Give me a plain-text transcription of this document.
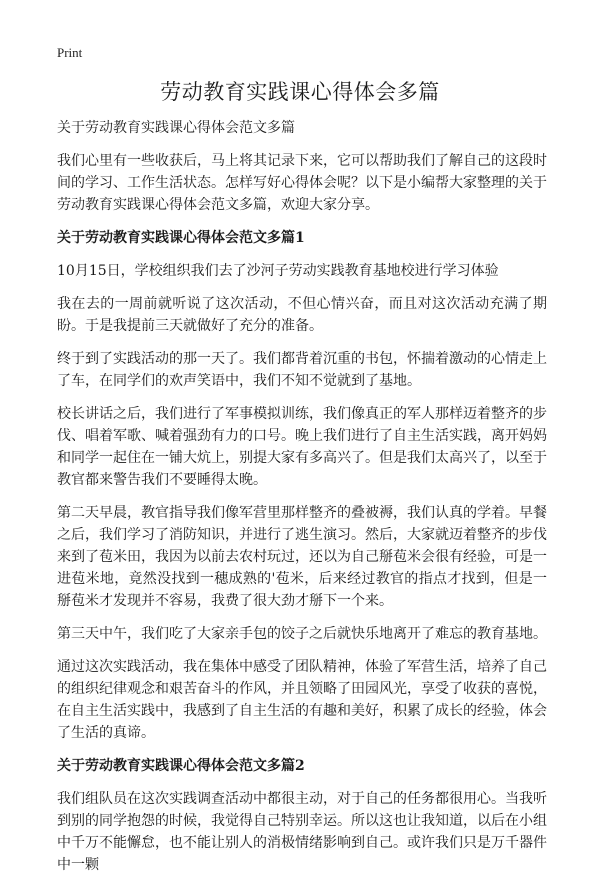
Print
劳动教育实践课心得体会多篇

关于劳动教育实践课心得体会范文多篇

我们心里有一些收获后，马上将其记录下来，它可以帮助我们了解自己的这段时间的学习、工作生活状态。怎样写好心得体会呢？以下是小编帮大家整理的关于劳动教育实践课心得体会范文多篇，欢迎大家分享。

关于劳动教育实践课心得体会范文多篇1

10月15日，学校组织我们去了沙河子劳动实践教育基地校进行学习体验

我在去的一周前就听说了这次活动，不但心情兴奋，而且对这次活动充满了期盼。于是我提前三天就做好了充分的准备。

终于到了实践活动的那一天了。我们都背着沉重的书包，怀揣着激动的心情走上了车，在同学们的欢声笑语中，我们不知不觉就到了基地。

校长讲话之后，我们进行了军事模拟训练，我们像真正的军人那样迈着整齐的步伐、唱着军歌、喊着强劲有力的口号。晚上我们进行了自主生活实践，离开妈妈和同学一起住在一铺大炕上，别提大家有多高兴了。但是我们太高兴了，以至于教官都来警告我们不要睡得太晚。

第二天早晨，教官指导我们像军营里那样整齐的叠被褥，我们认真的学着。早餐之后，我们学习了消防知识，并进行了逃生演习。然后，大家就迈着整齐的步伐来到了苞米田，我因为以前去农村玩过，还以为自己掰苞米会很有经验，可是一进苞米地，竟然没找到一穗成熟的'苞米，后来经过教官的指点才找到，但是一掰苞米才发现并不容易，我费了很大劲才掰下一个来。

第三天中午，我们吃了大家亲手包的饺子之后就快乐地离开了难忘的教育基地。

通过这次实践活动，我在集体中感受了团队精神，体验了军营生活，培养了自己的组织纪律观念和艰苦奋斗的作风，并且领略了田园风光，享受了收获的喜悦，在自主生活实践中，我感到了自主生活的有趣和美好，积累了成长的经验，体会了生活的真谛。

关于劳动教育实践课心得体会范文多篇2

我们组队员在这次实践调查活动中都很主动，对于自己的任务都很用心。当我听到别的同学抱怨的时候，我觉得自己特别幸运。所以这也让我知道，以后在小组中千万不能懈怠，也不能让别人的消极情绪影响到自己。或许我们只是万千器件中一颗
